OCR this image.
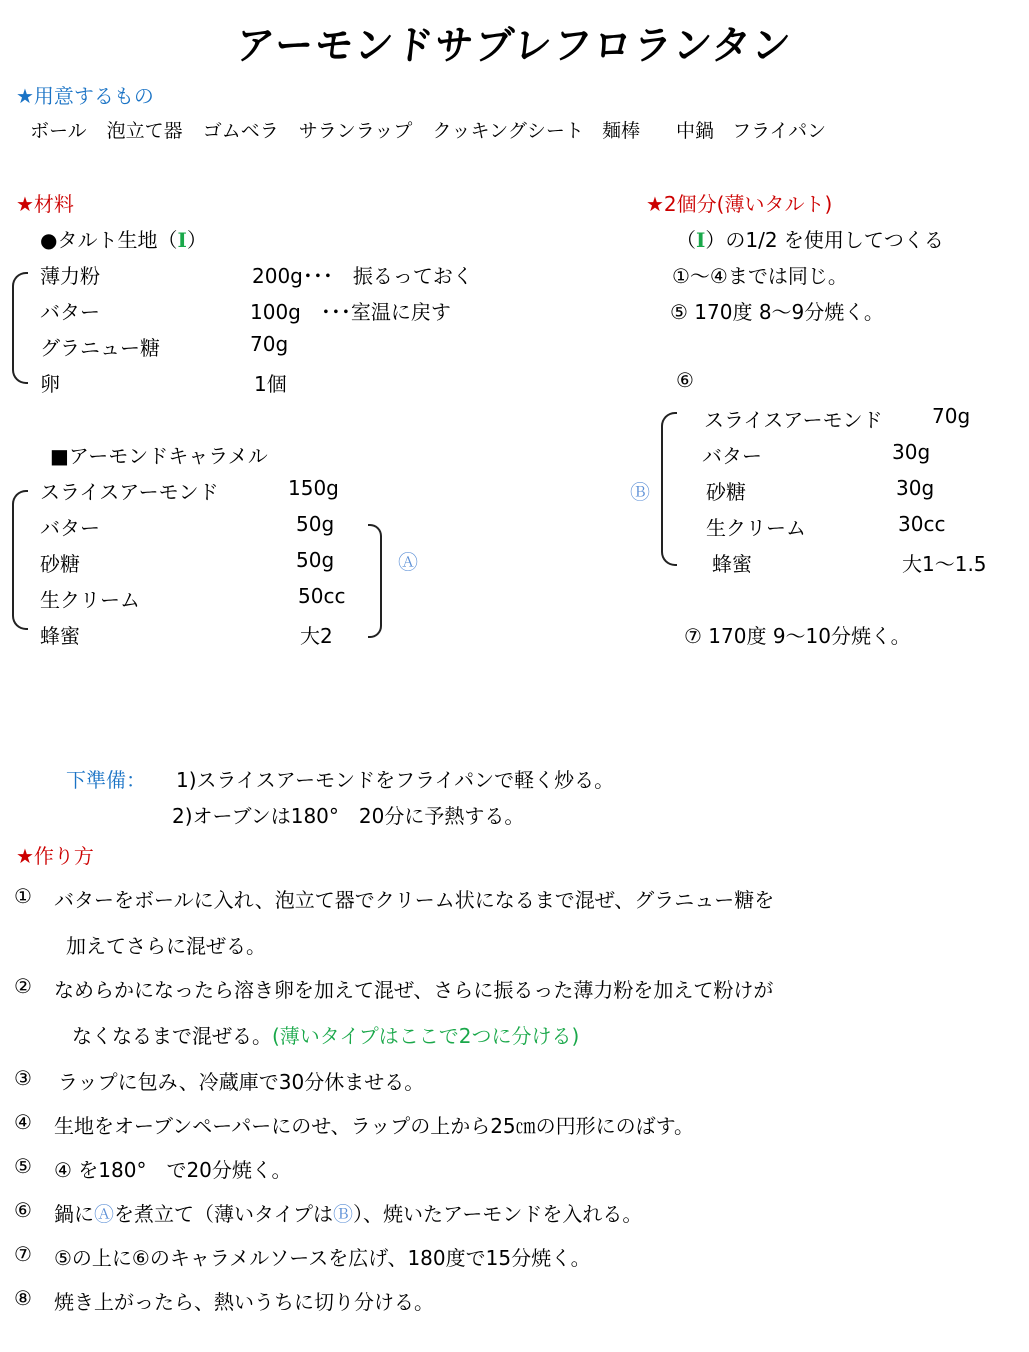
アーモンドサブレフロランタン
★用意するもの
ボール 泡立て器 ゴムベラ サランラップ クッキングシート 麺棒 中鍋 フライパン
★材料
●タルト生地（Ⅰ）
薄力粉	200g･･･　振るっておく
バター	100g　･･･室温に戻す
グラニュー糖	70g
卵	1個
■アーモンドキャラメル
スライスアーモンド	150g
バター	50g
砂糖	50g
生クリーム	50cc
蜂蜜	大2
Ⓐ
★2個分(薄いタルト)
（Ⅰ）の1/2 を使用してつくる
①～④までは同じ。
⑤ 170度 8～9分焼く。
⑥
Ⓑ
スライスアーモンド 70g
バター	30g
砂糖	30g
生クリーム	30cc
蜂蜜	大1～1.5
⑦ 170度 9～10分焼く。
下準備： 1)スライスアーモンドをフライパンで軽く炒る。
2)オーブンは180°　20分に予熱する。
★作り方
① バターをボールに入れ、泡立て器でクリーム状になるまで混ぜ、グラニュー糖を
加えてさらに混ぜる。
② なめらかになったら溶き卵を加えて混ぜ、さらに振るった薄力粉を加えて粉けが
なくなるまで混ぜる。(薄いタイプはここで2つに分ける)
③ ラップに包み、冷蔵庫で30分休ませる。
④ 生地をオーブンペーパーにのせ、ラップの上から25㎝の円形にのばす。
⑤ ④ を180°　で20分焼く。
⑥ 鍋にⒶを煮立て（薄いタイプはⒷ）、焼いたアーモンドを入れる。
⑦ ⑤の上に⑥のキャラメルソースを広げ、180度で15分焼く。
⑧ 焼き上がったら、熱いうちに切り分ける。
